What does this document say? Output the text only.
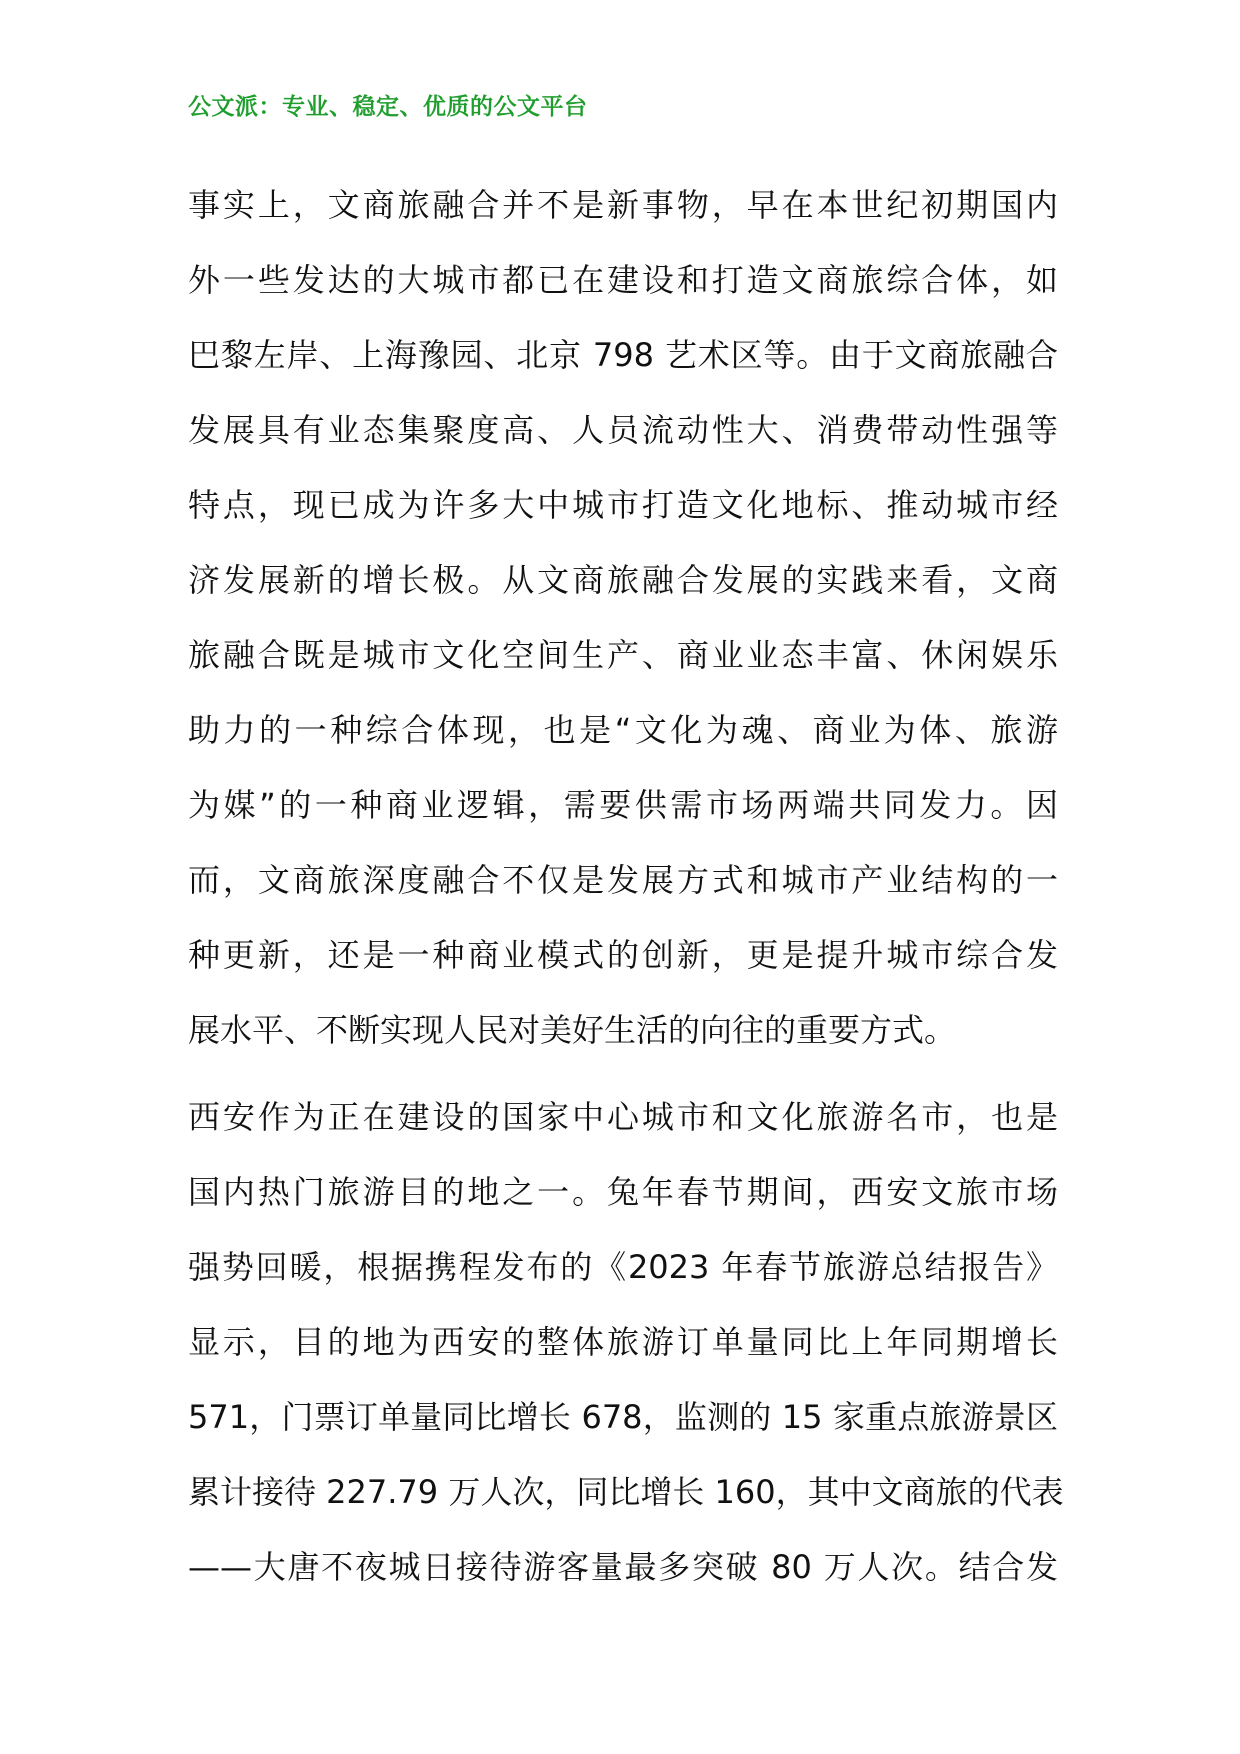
公文派：专业、稳定、优质的公文平台
事实上，文商旅融合并不是新事物，早在本世纪初期国内
外一些发达的大城市都已在建设和打造文商旅综合体，如
巴黎左岸、上海豫园、北京 798 艺术区等。由于文商旅融合
发展具有业态集聚度高、人员流动性大、消费带动性强等
特点，现已成为许多大中城市打造文化地标、推动城市经
济发展新的增长极。从文商旅融合发展的实践来看，文商
旅融合既是城市文化空间生产、商业业态丰富、休闲娱乐
助力的一种综合体现，也是“文化为魂、商业为体、旅游
为媒”的一种商业逻辑，需要供需市场两端共同发力。因
而，文商旅深度融合不仅是发展方式和城市产业结构的一
种更新，还是一种商业模式的创新，更是提升城市综合发
展水平、不断实现人民对美好生活的向往的重要方式。
西安作为正在建设的国家中心城市和文化旅游名市，也是
国内热门旅游目的地之一。兔年春节期间，西安文旅市场
强势回暖，根据携程发布的《2023 年春节旅游总结报告》
显示，目的地为西安的整体旅游订单量同比上年同期增长
571，门票订单量同比增长 678，监测的 15 家重点旅游景区
累计接待 227.79 万人次，同比增长 160，其中文商旅的代表
——大唐不夜城日接待游客量最多突破 80 万人次。结合发
